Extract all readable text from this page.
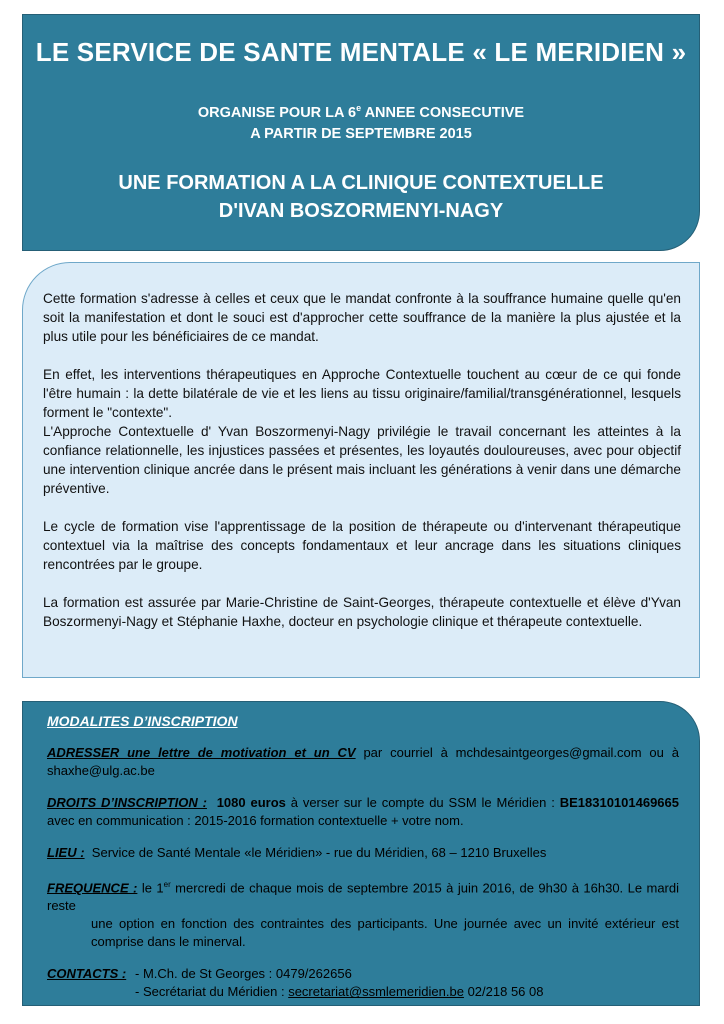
LE SERVICE DE SANTE MENTALE « LE MERIDIEN »
ORGANISE POUR LA 6e ANNEE CONSECUTIVE
A PARTIR DE SEPTEMBRE 2015
UNE FORMATION A LA CLINIQUE CONTEXTUELLE
D'IVAN BOSZORMENYI-NAGY

Cette formation s'adresse à celles et ceux que le mandat confronte à la souffrance humaine quelle qu'en soit la manifestation et dont le souci est d'approcher cette souffrance de la manière la plus ajustée et la plus utile pour les bénéficiaires de ce mandat.

En effet, les interventions thérapeutiques en Approche Contextuelle touchent au cœur de ce qui fonde l'être humain : la dette bilatérale de vie et les liens au tissu originaire/familial/transgénérationnel, lesquels forment le "contexte".

L'Approche Contextuelle d' Yvan Boszormenyi-Nagy privilégie le travail concernant les atteintes à la confiance relationnelle, les injustices passées et présentes, les loyautés douloureuses, avec pour objectif une intervention clinique ancrée dans le présent mais incluant les générations à venir dans une démarche préventive.

Le cycle de formation vise l'apprentissage de la position de thérapeute ou d'intervenant thérapeutique contextuel via la maîtrise des concepts fondamentaux et leur ancrage dans les situations cliniques rencontrées par le groupe.

La formation est assurée par Marie-Christine de Saint-Georges, thérapeute contextuelle et élève d'Yvan Boszormenyi-Nagy et Stéphanie Haxhe, docteur en psychologie clinique et thérapeute contextuelle.

MODALITES D’INSCRIPTION

ADRESSER une lettre de motivation et un CV par courriel à mchdesaintgeorges@gmail.com ou à shaxhe@ulg.ac.be

DROITS D’INSCRIPTION : 1080 euros à verser sur le compte du SSM le Méridien : BE18310101469665 avec en communication : 2015-2016 formation contextuelle + votre nom.

LIEU :  Service de Santé Mentale «le Méridien» - rue du Méridien, 68 – 1210 Bruxelles

FREQUENCE : le 1er mercredi de chaque mois de septembre 2015 à juin 2016, de 9h30 à 16h30. Le mardi reste
une option en fonction des contraintes des participants. Une journée avec un invité extérieur est comprise dans le minerval.

CONTACTS : - M.Ch. de St Georges : 0479/262656
- Secrétariat du Méridien : secretariat@ssmlemeridien.be 02/218 56 08
